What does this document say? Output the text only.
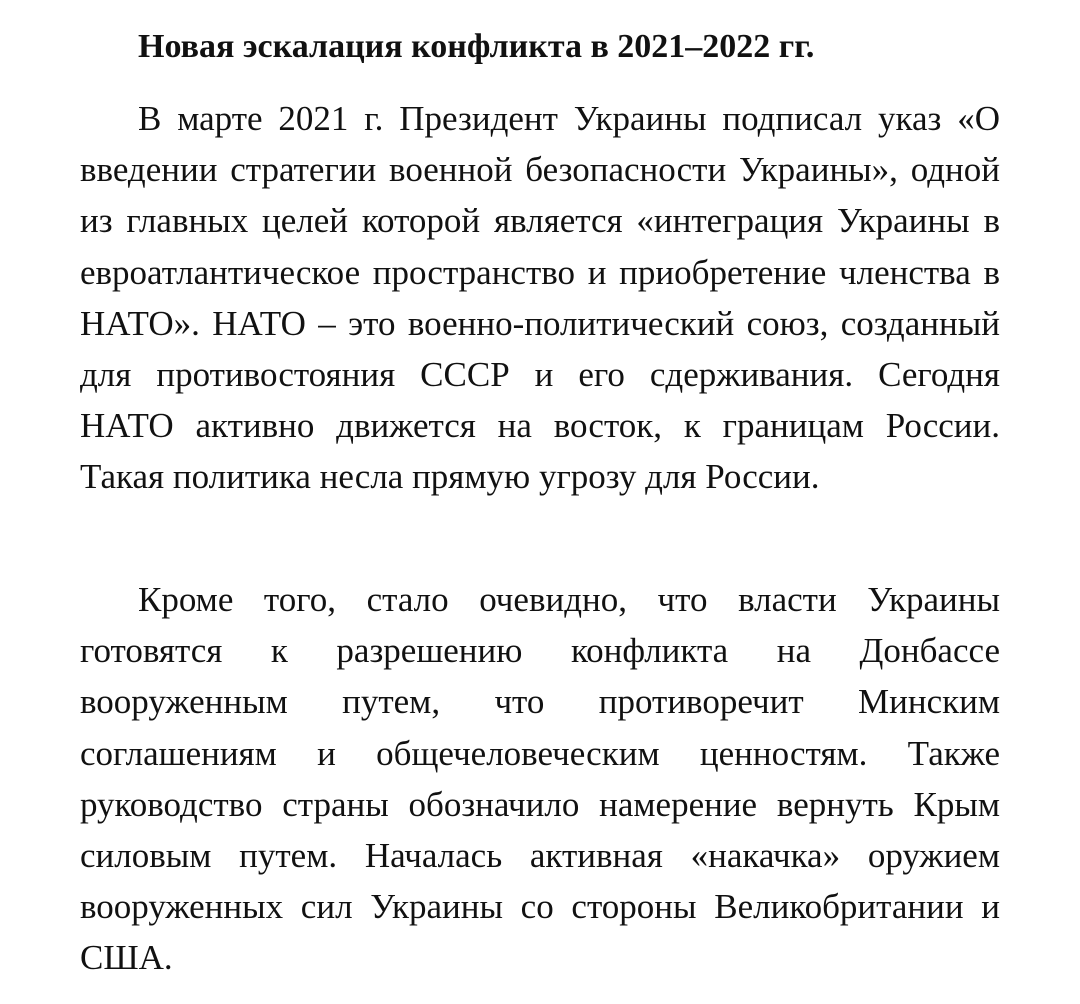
Новая эскалация конфликта в 2021–2022 гг.

В марте 2021 г. Президент Украины подписал указ «О введении стратегии военной безопасности Украины», одной из главных целей которой является «интеграция Украины в евроатлантическое пространство и приобретение членства в НАТО». НАТО – это военно-политический союз, созданный для противостояния СССР и его сдерживания. Сегодня НАТО активно движется на восток, к границам России. Такая политика несла прямую угрозу для России.

Кроме того, стало очевидно, что власти Украины готовятся к разрешению конфликта на Донбассе вооруженным путем, что противоречит Минским соглашениям и общечеловеческим ценностям. Также руководство страны обозначило намерение вернуть Крым силовым путем. Началась активная «накачка» оружием вооруженных сил Украины со стороны Великобритании и США.
